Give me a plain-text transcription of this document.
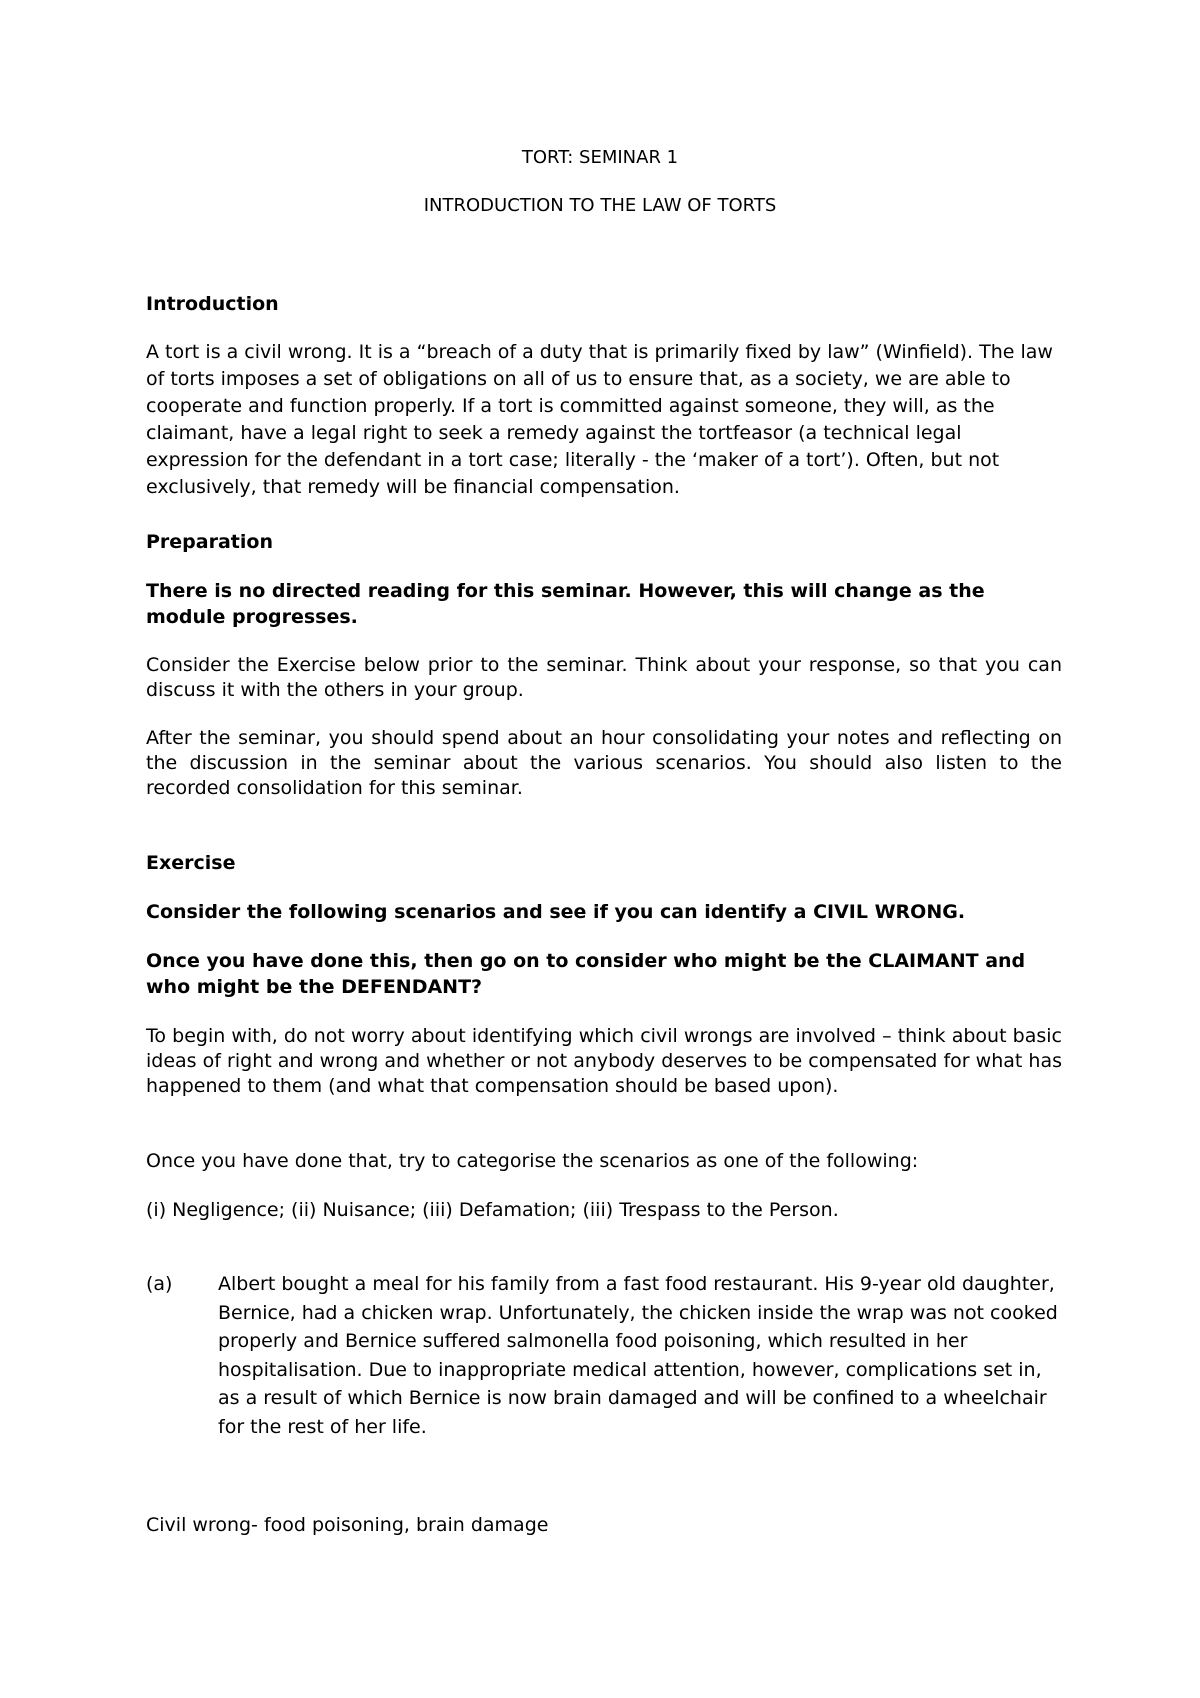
TORT: SEMINAR 1
INTRODUCTION TO THE LAW OF TORTS
Introduction

A tort is a civil wrong. It is a “breach of a duty that is primarily fixed by law” (Winfield). The law of torts imposes a set of obligations on all of us to ensure that, as a society, we are able to cooperate and function properly. If a tort is committed against someone, they will, as the claimant, have a legal right to seek a remedy against the tortfeasor (a technical legal expression for the defendant in a tort case; literally - the ‘maker of a tort’). Often, but not exclusively, that remedy will be financial compensation.

Preparation

There is no directed reading for this seminar. However, this will change as the module progresses.

Consider the Exercise below prior to the seminar. Think about your response, so that you can discuss it with the others in your group.

After the seminar, you should spend about an hour consolidating your notes and reflecting on the discussion in the seminar about the various scenarios. You should also listen to the recorded consolidation for this seminar.

Exercise

Consider the following scenarios and see if you can identify a CIVIL WRONG.

Once you have done this, then go on to consider who might be the CLAIMANT and who might be the DEFENDANT?

To begin with, do not worry about identifying which civil wrongs are involved – think about basic ideas of right and wrong and whether or not anybody deserves to be compensated for what has happened to them (and what that compensation should be based upon).

Once you have done that, try to categorise the scenarios as one of the following:

(i) Negligence; (ii) Nuisance; (iii) Defamation; (iii) Trespass to the Person.

(a) Albert bought a meal for his family from a fast food restaurant. His 9-year old daughter, Bernice, had a chicken wrap. Unfortunately, the chicken inside the wrap was not cooked properly and Bernice suffered salmonella food poisoning, which resulted in her hospitalisation. Due to inappropriate medical attention, however, complications set in, as a result of which Bernice is now brain damaged and will be confined to a wheelchair for the rest of her life.

Civil wrong- food poisoning, brain damage
